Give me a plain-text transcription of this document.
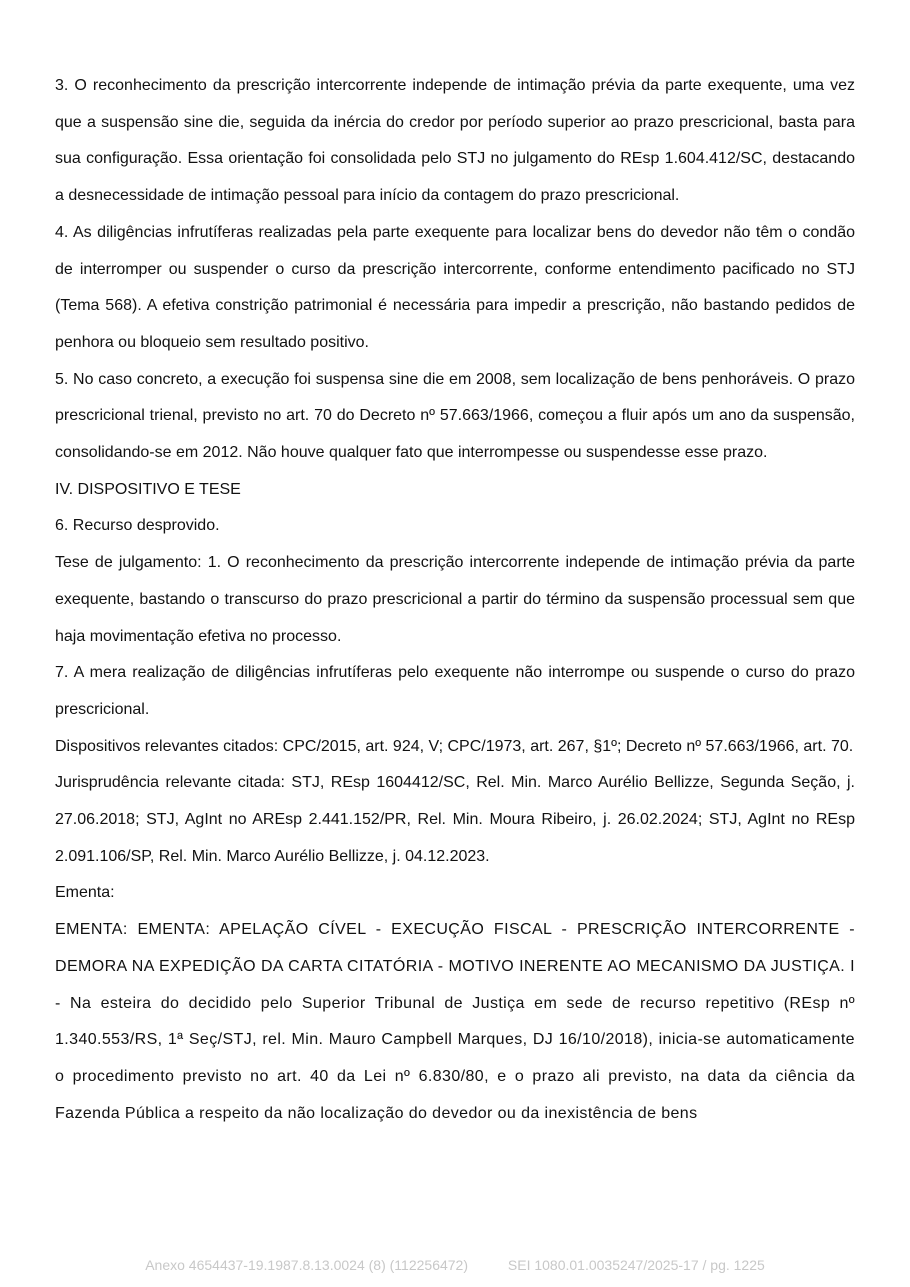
3. O reconhecimento da prescrição intercorrente independe de intimação prévia da parte exequente, uma vez que a suspensão sine die, seguida da inércia do credor por período superior ao prazo prescricional, basta para sua configuração. Essa orientação foi consolidada pelo STJ no julgamento do REsp 1.604.412/SC, destacando a desnecessidade de intimação pessoal para início da contagem do prazo prescricional.

4. As diligências infrutíferas realizadas pela parte exequente para localizar bens do devedor não têm o condão de interromper ou suspender o curso da prescrição intercorrente, conforme entendimento pacificado no STJ (Tema 568). A efetiva constrição patrimonial é necessária para impedir a prescrição, não bastando pedidos de penhora ou bloqueio sem resultado positivo.

5. No caso concreto, a execução foi suspensa sine die em 2008, sem localização de bens penhoráveis. O prazo prescricional trienal, previsto no art. 70 do Decreto nº 57.663/1966, começou a fluir após um ano da suspensão, consolidando-se em 2012. Não houve qualquer fato que interrompesse ou suspendesse esse prazo.

IV. DISPOSITIVO E TESE

6. Recurso desprovido.

Tese de julgamento: 1. O reconhecimento da prescrição intercorrente independe de intimação prévia da parte exequente, bastando o transcurso do prazo prescricional a partir do término da suspensão processual sem que haja movimentação efetiva no processo.

7. A mera realização de diligências infrutíferas pelo exequente não interrompe ou suspende o curso do prazo prescricional.

Dispositivos relevantes citados: CPC/2015, art. 924, V; CPC/1973, art. 267, §1º; Decreto nº 57.663/1966, art. 70.

Jurisprudência relevante citada: STJ, REsp 1604412/SC, Rel. Min. Marco Aurélio Bellizze, Segunda Seção, j. 27.06.2018; STJ, AgInt no AREsp 2.441.152/PR, Rel. Min. Moura Ribeiro, j. 26.02.2024; STJ, AgInt no REsp 2.091.106/SP, Rel. Min. Marco Aurélio Bellizze, j. 04.12.2023.

Ementa:

EMENTA: EMENTA: APELAÇÃO CÍVEL - EXECUÇÃO FISCAL - PRESCRIÇÃO INTERCORRENTE - DEMORA NA EXPEDIÇÃO DA CARTA CITATÓRIA - MOTIVO INERENTE AO MECANISMO DA JUSTIÇA. I - Na esteira do decidido pelo Superior Tribunal de Justiça em sede de recurso repetitivo (REsp nº 1.340.553/RS, 1ª Seç/STJ, rel. Min. Mauro Campbell Marques, DJ 16/10/2018), inicia-se automaticamente o procedimento previsto no art. 40 da Lei nº 6.830/80, e o prazo ali previsto, na data da ciência da Fazenda Pública a respeito da não localização do devedor ou da inexistência de bens

Anexo 4654437-19.1987.8.13.0024 (8) (112256472)	SEI 1080.01.0035247/2025-17 / pg. 1225
